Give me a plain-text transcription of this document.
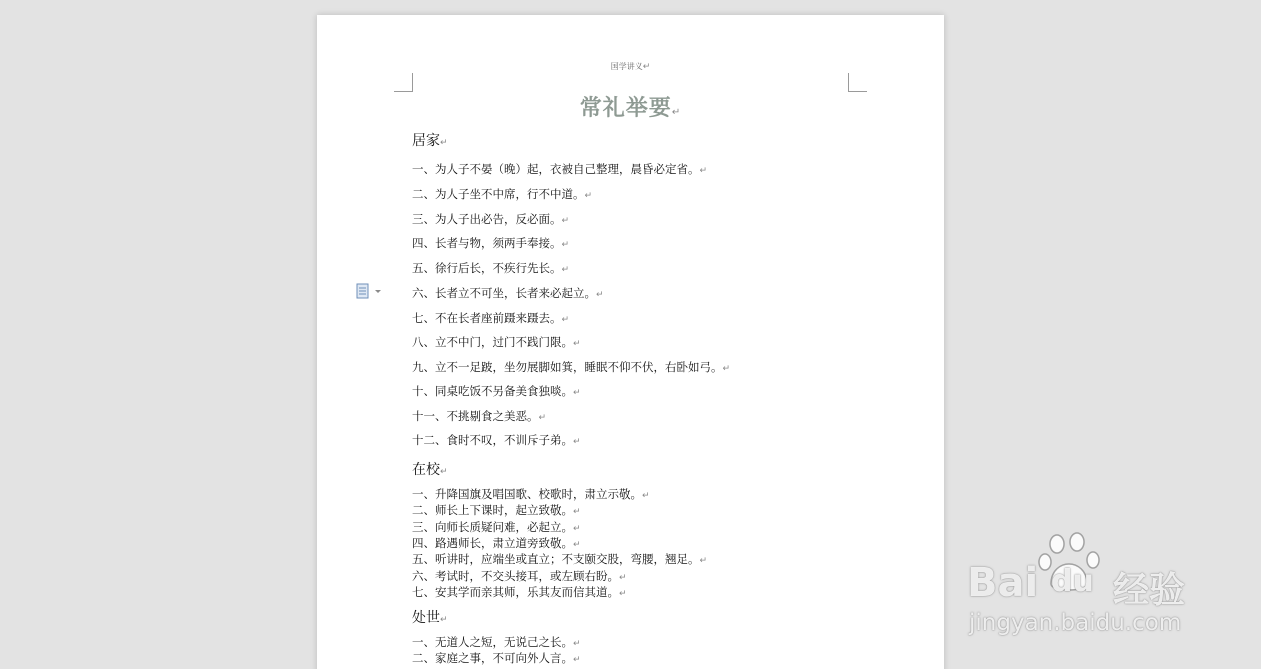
国学讲义↵
常礼举要↵
居家↵
一、为人子不晏（晚）起，衣被自己整理，晨昏必定省。↵
二、为人子坐不中席，行不中道。↵
三、为人子出必告，反必面。↵
四、长者与物，须两手奉接。↵
五、徐行后长，不疾行先长。↵
六、长者立不可坐，长者来必起立。↵
七、不在长者座前蹑来蹑去。↵
八、立不中门，过门不践门限。↵
九、立不一足跛，坐勿展脚如箕，睡眠不仰不伏，右卧如弓。↵
十、同桌吃饭不另备美食独啖。↵
十一、不挑剔食之美恶。↵
十二、食时不叹，不训斥子弟。↵
在校↵
一、升降国旗及唱国歌、校歌时，肃立示敬。↵
二、师长上下课时，起立致敬。↵
三、向师长质疑问难，必起立。↵
四、路遇师长，肃立道旁致敬。↵
五、听讲时，应端坐或直立；不支颐交股，弯腰，翘足。↵
六、考试时，不交头接耳，或左顾右盼。↵
七、安其学而亲其师，乐其友而信其道。↵
处世↵
一、无道人之短，无说己之长。↵
二、家庭之事，不可向外人言。↵
Bai du 经验
jingyan.baidu.com
